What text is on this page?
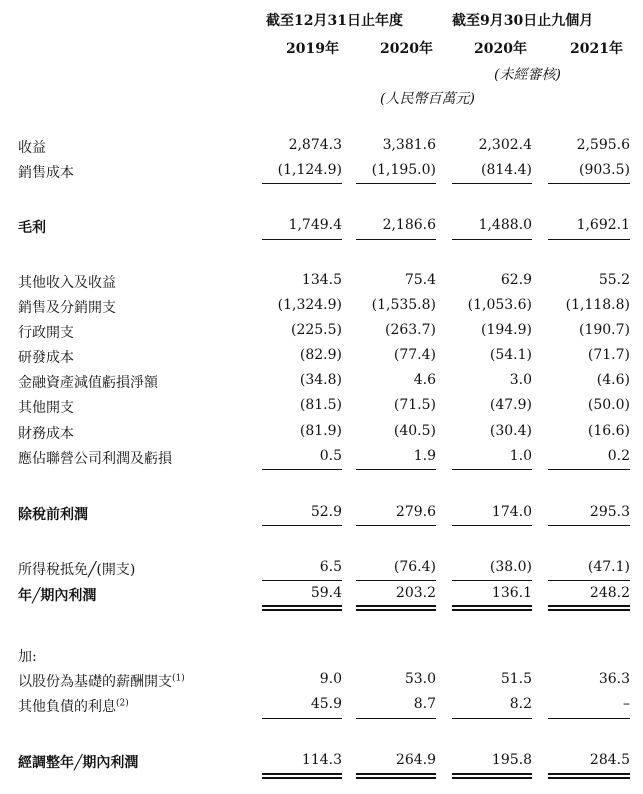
截至12月31日止年度	截至9月30日止九個月
2019年	2020年	2020年	2021年
(未經審核)
(人民幣百萬元)
收益	2,874.3	3,381.6	2,302.4	2,595.6
銷售成本	(1,124.9)	(1,195.0)	(814.4)	(903.5)
毛利	1,749.4	2,186.6	1,488.0	1,692.1
其他收入及收益	134.5	75.4	62.9	55.2
銷售及分銷開支	(1,324.9)	(1,535.8)	(1,053.6)	(1,118.8)
行政開支	(225.5)	(263.7)	(194.9)	(190.7)
研發成本	(82.9)	(77.4)	(54.1)	(71.7)
金融資產減值虧損淨額	(34.8)	4.6	3.0	(4.6)
其他開支	(81.5)	(71.5)	(47.9)	(50.0)
財務成本	(81.9)	(40.5)	(30.4)	(16.6)
應佔聯營公司利潤及虧損	0.5	1.9	1.0	0.2
除稅前利潤	52.9	279.6	174.0	295.3
所得稅抵免╱(開支)	6.5	(76.4)	(38.0)	(47.1)
年╱期內利潤	59.4	203.2	136.1	248.2
加:
以股份為基礎的薪酬開支$^{(1)}$	9.0	53.0	51.5	36.3
其他負債的利息$^{(2)}$	45.9	8.7	8.2	–
經調整年╱期內利潤	114.3	264.9	195.8	284.5
